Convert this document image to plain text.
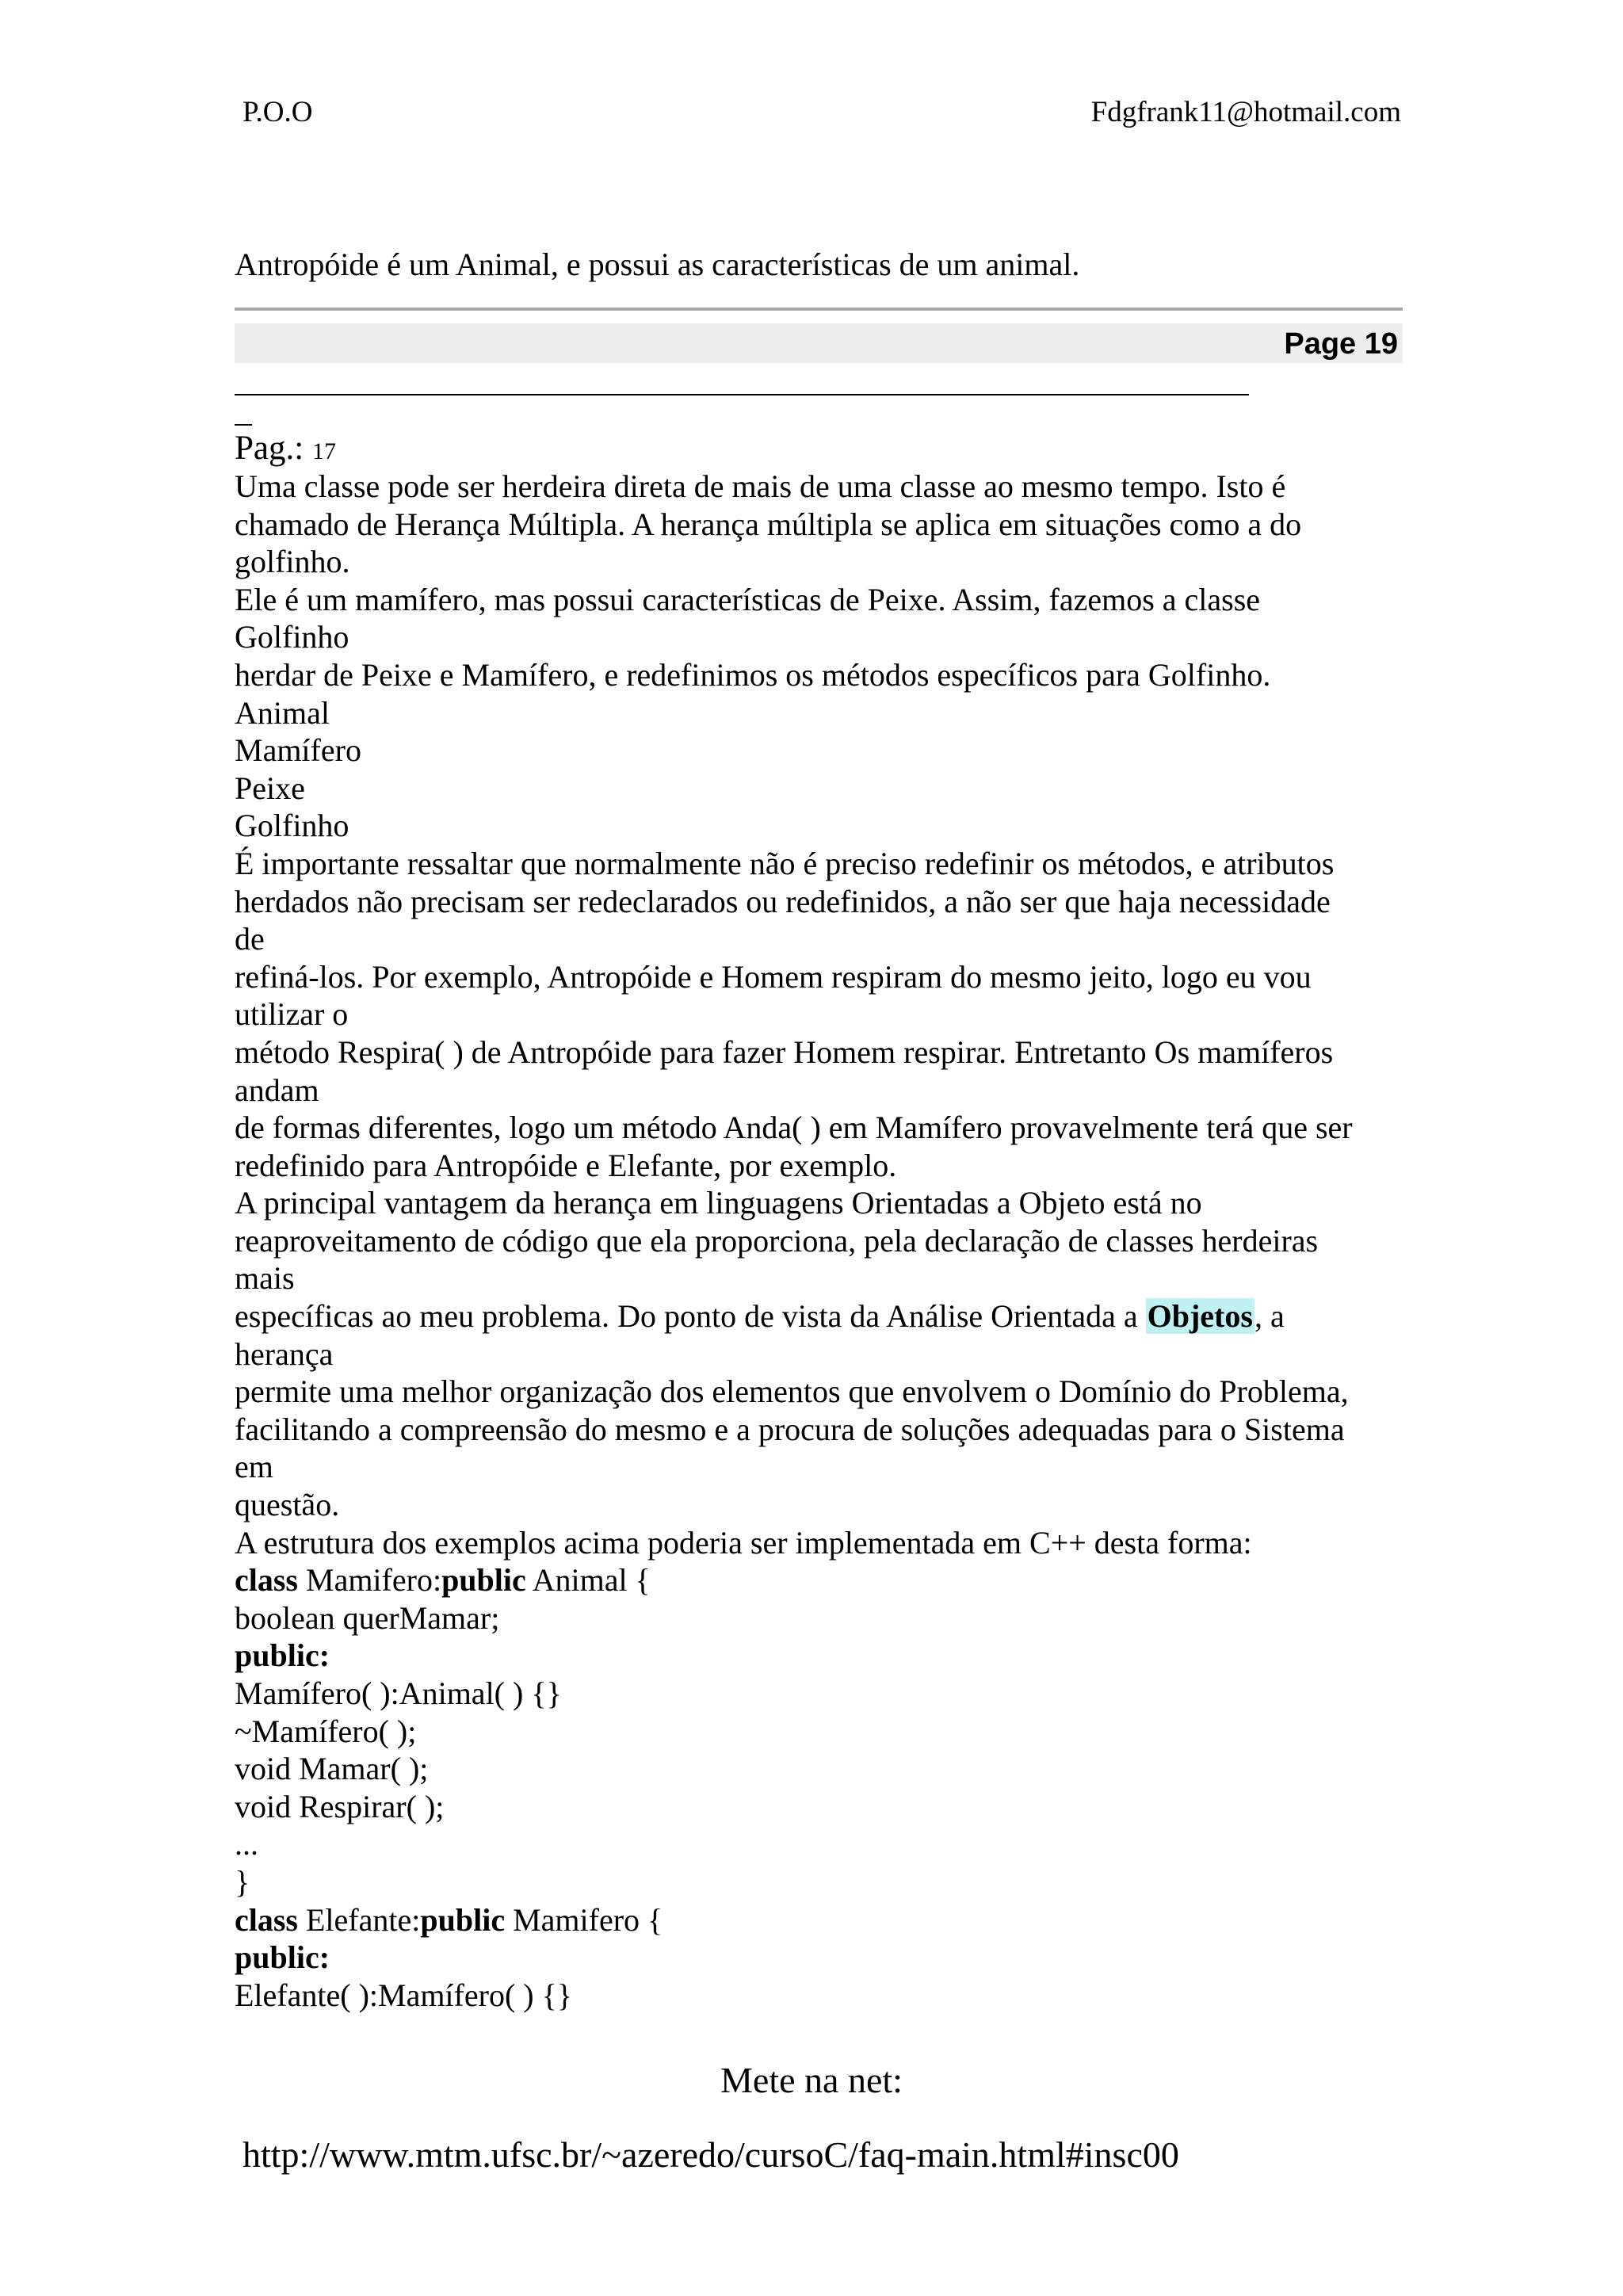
P.O.O	Fdgfrank11@hotmail.com
Antropóide é um Animal, e possui as características de um animal.
Page 19
Pag.: 17
Uma classe pode ser herdeira direta de mais de uma classe ao mesmo tempo. Isto é
chamado de Herança Múltipla. A herança múltipla se aplica em situações como a do
golfinho.
Ele é um mamífero, mas possui características de Peixe. Assim, fazemos a classe
Golfinho
herdar de Peixe e Mamífero, e redefinimos os métodos específicos para Golfinho.
Animal
Mamífero
Peixe
Golfinho
É importante ressaltar que normalmente não é preciso redefinir os métodos, e atributos
herdados não precisam ser redeclarados ou redefinidos, a não ser que haja necessidade
de
refiná-los. Por exemplo, Antropóide e Homem respiram do mesmo jeito, logo eu vou
utilizar o
método Respira( ) de Antropóide para fazer Homem respirar. Entretanto Os mamíferos
andam
de formas diferentes, logo um método Anda( ) em Mamífero provavelmente terá que ser
redefinido para Antropóide e Elefante, por exemplo.
A principal vantagem da herança em linguagens Orientadas a Objeto está no
reaproveitamento de código que ela proporciona, pela declaração de classes herdeiras
mais
específicas ao meu problema. Do ponto de vista da Análise Orientada a Objetos, a
herança
permite uma melhor organização dos elementos que envolvem o Domínio do Problema,
facilitando a compreensão do mesmo e a procura de soluções adequadas para o Sistema
em
questão.
A estrutura dos exemplos acima poderia ser implementada em C++ desta forma:
class Mamifero:public Animal {
boolean querMamar;
public:
Mamífero( ):Animal( ) {}
~Mamífero( );
void Mamar( );
void Respirar( );
...
}
class Elefante:public Mamifero {
public:
Elefante( ):Mamífero( ) {}
Mete na net:
http://www.mtm.ufsc.br/~azeredo/cursoC/faq-main.html#insc00
